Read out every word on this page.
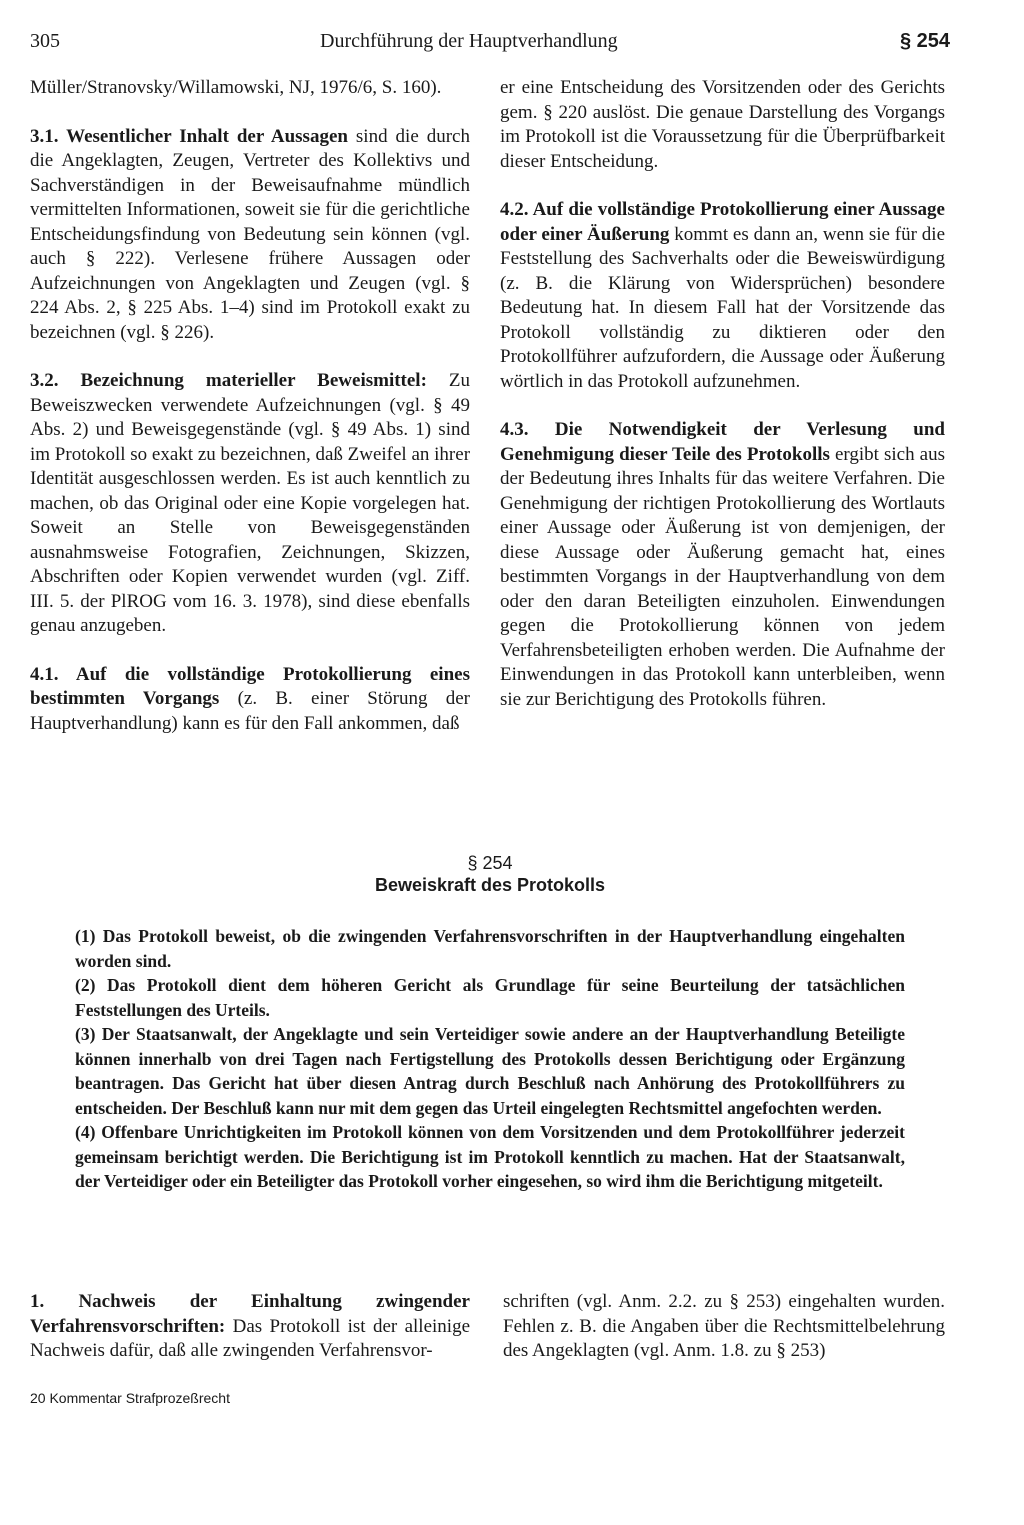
305	Durchführung der Hauptverhandlung	§ 254

Müller/Stranovsky/Willamowski, NJ, 1976/6, S. 160).

3.1. Wesentlicher Inhalt der Aussagen sind die durch die Angeklagten, Zeugen, Vertreter des Kollektivs und Sachverständigen in der Beweisaufnahme mündlich vermittelten Informationen, soweit sie für die gerichtliche Entscheidungsfindung von Bedeutung sein können (vgl. auch § 222). Verlesene frühere Aussagen oder Aufzeichnungen von Angeklagten und Zeugen (vgl. § 224 Abs. 2, § 225 Abs. 1–4) sind im Protokoll exakt zu bezeichnen (vgl. § 226).

3.2. Bezeichnung materieller Beweismittel: Zu Beweiszwecken verwendete Aufzeichnungen (vgl. § 49 Abs. 2) und Beweisgegenstände (vgl. § 49 Abs. 1) sind im Protokoll so exakt zu bezeichnen, daß Zweifel an ihrer Identität ausgeschlossen werden. Es ist auch kenntlich zu machen, ob das Original oder eine Kopie vorgelegen hat. Soweit an Stelle von Beweisgegenständen ausnahmsweise Fotografien, Zeichnungen, Skizzen, Abschriften oder Kopien verwendet wurden (vgl. Ziff. III. 5. der PlROG vom 16. 3. 1978), sind diese ebenfalls genau anzugeben.

4.1. Auf die vollständige Protokollierung eines bestimmten Vorgangs (z. B. einer Störung der Hauptverhandlung) kann es für den Fall ankommen, daß

er eine Entscheidung des Vorsitzenden oder des Gerichts gem. § 220 auslöst. Die genaue Darstellung des Vorgangs im Protokoll ist die Voraussetzung für die Überprüfbarkeit dieser Entscheidung.

4.2. Auf die vollständige Protokollierung einer Aussage oder einer Äußerung kommt es dann an, wenn sie für die Feststellung des Sachverhalts oder die Beweiswürdigung (z. B. die Klärung von Widersprüchen) besondere Bedeutung hat. In diesem Fall hat der Vorsitzende das Protokoll vollständig zu diktieren oder den Protokollführer aufzufordern, die Aussage oder Äußerung wörtlich in das Protokoll aufzunehmen.

4.3. Die Notwendigkeit der Verlesung und Genehmigung dieser Teile des Protokolls ergibt sich aus der Bedeutung ihres Inhalts für das weitere Verfahren. Die Genehmigung der richtigen Protokollierung des Wortlauts einer Aussage oder Äußerung ist von demjenigen, der diese Aussage oder Äußerung gemacht hat, eines bestimmten Vorgangs in der Hauptverhandlung von dem oder den daran Beteiligten einzuholen. Einwendungen gegen die Protokollierung können von jedem Verfahrensbeteiligten erhoben werden. Die Aufnahme der Einwendungen in das Protokoll kann unterbleiben, wenn sie zur Berichtigung des Protokolls führen.

§ 254
Beweiskraft des Protokolls

(1) Das Protokoll beweist, ob die zwingenden Verfahrensvorschriften in der Hauptverhandlung eingehalten worden sind.

(2) Das Protokoll dient dem höheren Gericht als Grundlage für seine Beurteilung der tatsächlichen Feststellungen des Urteils.

(3) Der Staatsanwalt, der Angeklagte und sein Verteidiger sowie andere an der Hauptverhandlung Beteiligte können innerhalb von drei Tagen nach Fertigstellung des Protokolls dessen Berichtigung oder Ergänzung beantragen. Das Gericht hat über diesen Antrag durch Beschluß nach Anhörung des Protokollführers zu entscheiden. Der Beschluß kann nur mit dem gegen das Urteil eingelegten Rechtsmittel angefochten werden.

(4) Offenbare Unrichtigkeiten im Protokoll können von dem Vorsitzenden und dem Protokollführer jederzeit gemeinsam berichtigt werden. Die Berichtigung ist im Protokoll kenntlich zu machen. Hat der Staatsanwalt, der Verteidiger oder ein Beteiligter das Protokoll vorher eingesehen, so wird ihm die Berichtigung mitgeteilt.

1. Nachweis der Einhaltung zwingender Verfahrensvorschriften: Das Protokoll ist der alleinige Nachweis dafür, daß alle zwingenden Verfahrensvor-

schriften (vgl. Anm. 2.2. zu § 253) eingehalten wurden. Fehlen z. B. die Angaben über die Rechtsmittelbelehrung des Angeklagten (vgl. Anm. 1.8. zu § 253)

20 Kommentar Strafprozeßrecht
